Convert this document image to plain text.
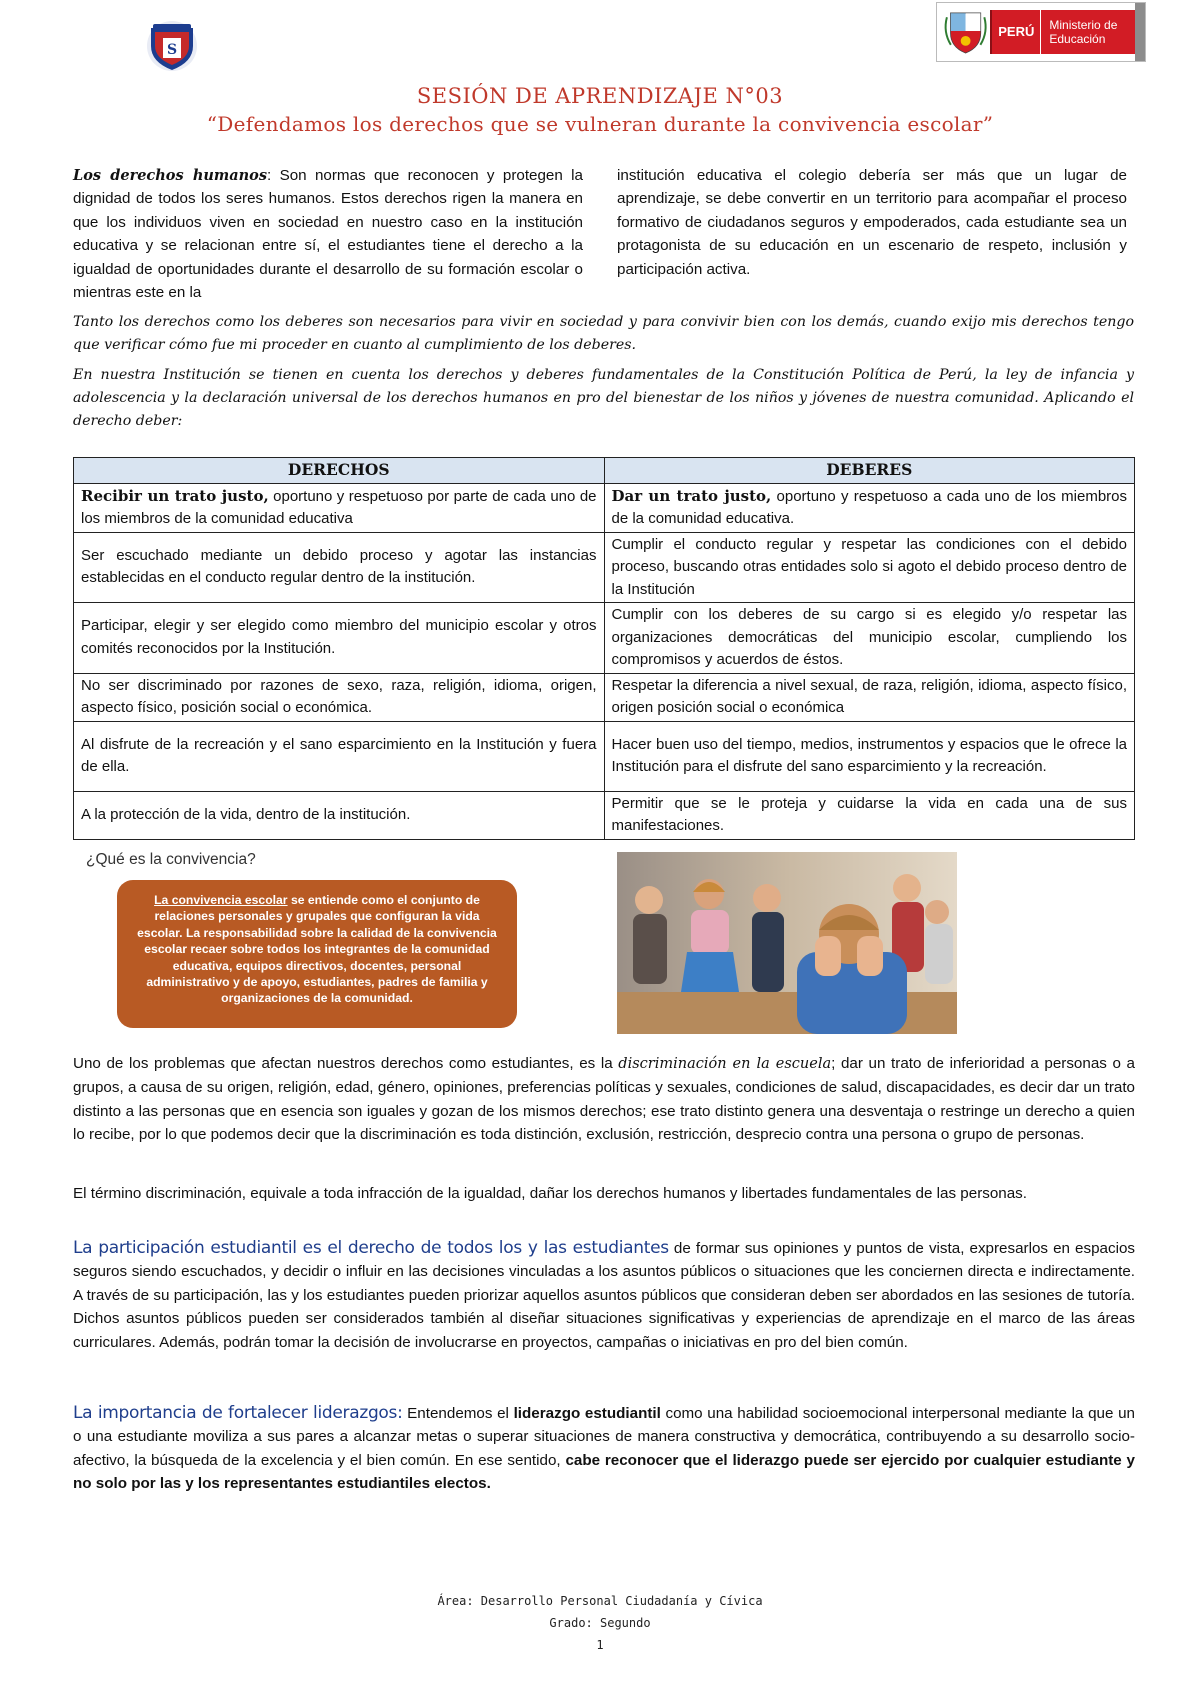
S
PERÚ	Ministerio de Educación
SESIÓN DE APRENDIZAJE N°03
“Defendamos los derechos que se vulneran durante la convivencia escolar”
Los derechos humanos: Son normas que reconocen y protegen la dignidad de todos los seres humanos. Estos derechos rigen la manera en que los individuos viven en sociedad en nuestro caso en la institución educativa y se relacionan entre sí, el estudiantes tiene el derecho a la igualdad de oportunidades durante el desarrollo de su formación escolar o mientras este en la
institución educativa el colegio debería ser más que un lugar de aprendizaje, se debe convertir en un territorio para acompañar el proceso formativo de ciudadanos seguros y empoderados, cada estudiante sea un protagonista de su educación en un escenario de respeto, inclusión y participación activa.
Tanto los derechos como los deberes son necesarios para vivir en sociedad y para convivir bien con los demás, cuando exijo mis derechos tengo que verificar cómo fue mi proceder en cuanto al cumplimiento de los deberes.
En nuestra Institución se tienen en cuenta los derechos y deberes fundamentales de la Constitución Política de Perú, la ley de infancia y adolescencia y la declaración universal de los derechos humanos en pro del bienestar de los niños y jóvenes de nuestra comunidad. Aplicando el derecho deber:
DERECHOS	DEBERES
Recibir un trato justo, oportuno y respetuoso por parte de cada uno de los miembros de la comunidad educativa	Dar un trato justo, oportuno y respetuoso a cada uno de los miembros de la comunidad educativa.
Ser escuchado mediante un debido proceso y agotar las instancias establecidas en el conducto regular dentro de la institución.	Cumplir el conducto regular y respetar las condiciones con el debido proceso, buscando otras entidades solo si agoto el debido proceso dentro de la Institución
Participar, elegir y ser elegido como miembro del municipio escolar y otros comités reconocidos por la Institución.	Cumplir con los deberes de su cargo si es elegido y/o respetar las organizaciones democráticas del municipio escolar, cumpliendo los compromisos y acuerdos de éstos.
No ser discriminado por razones de sexo, raza, religión, idioma, origen, aspecto físico, posición social o económica.	Respetar la diferencia a nivel sexual, de raza, religión, idioma, aspecto físico, origen posición social o económica
Al disfrute de la recreación y el sano esparcimiento en la Institución y fuera de ella.	Hacer buen uso del tiempo, medios, instrumentos y espacios que le ofrece la Institución para el disfrute del sano esparcimiento y la recreación.
A la protección de la vida, dentro de la institución.	Permitir que se le proteja y cuidarse la vida en cada una de sus manifestaciones.
¿Qué es la convivencia?
La convivencia escolar se entiende como el conjunto de relaciones personales y grupales que configuran la vida escolar. La responsabilidad sobre la calidad de la convivencia escolar recaer sobre todos los integrantes de la comunidad educativa, equipos directivos, docentes, personal administrativo y de apoyo, estudiantes, padres de familia y organizaciones de la comunidad.
Uno de los problemas que afectan nuestros derechos como estudiantes, es la discriminación en la escuela; dar un trato de inferioridad a personas o a grupos, a causa de su origen, religión, edad, género, opiniones, preferencias políticas y sexuales, condiciones de salud, discapacidades, es decir dar un trato distinto a las personas que en esencia son iguales y gozan de los mismos derechos; ese trato distinto genera una desventaja o restringe un derecho a quien lo recibe, por lo que podemos decir que la discriminación es toda distinción, exclusión, restricción, desprecio contra una persona o grupo de personas.
El término discriminación, equivale a toda infracción de la igualdad, dañar los derechos humanos y libertades fundamentales de las personas.
La participación estudiantil es el derecho de todos los y las estudiantes de formar sus opiniones y puntos de vista, expresarlos en espacios seguros siendo escuchados, y decidir o influir en las decisiones vinculadas a los asuntos públicos o situaciones que les conciernen directa e indirectamente. A través de su participación, las y los estudiantes pueden priorizar aquellos asuntos públicos que consideran deben ser abordados en las sesiones de tutoría. Dichos asuntos públicos pueden ser considerados también al diseñar situaciones significativas y experiencias de aprendizaje en el marco de las áreas curriculares. Además, podrán tomar la decisión de involucrarse en proyectos, campañas o iniciativas en pro del bien común.
La importancia de fortalecer liderazgos: Entendemos el liderazgo estudiantil como una habilidad socioemocional interpersonal mediante la que un o una estudiante moviliza a sus pares a alcanzar metas o superar situaciones de manera constructiva y democrática, contribuyendo a su desarrollo socio-afectivo, la búsqueda de la excelencia y el bien común. En ese sentido, cabe reconocer que el liderazgo puede ser ejercido por cualquier estudiante y no solo por las y los representantes estudiantiles electos.
Área: Desarrollo Personal Ciudadanía y Cívica
Grado: Segundo
1
